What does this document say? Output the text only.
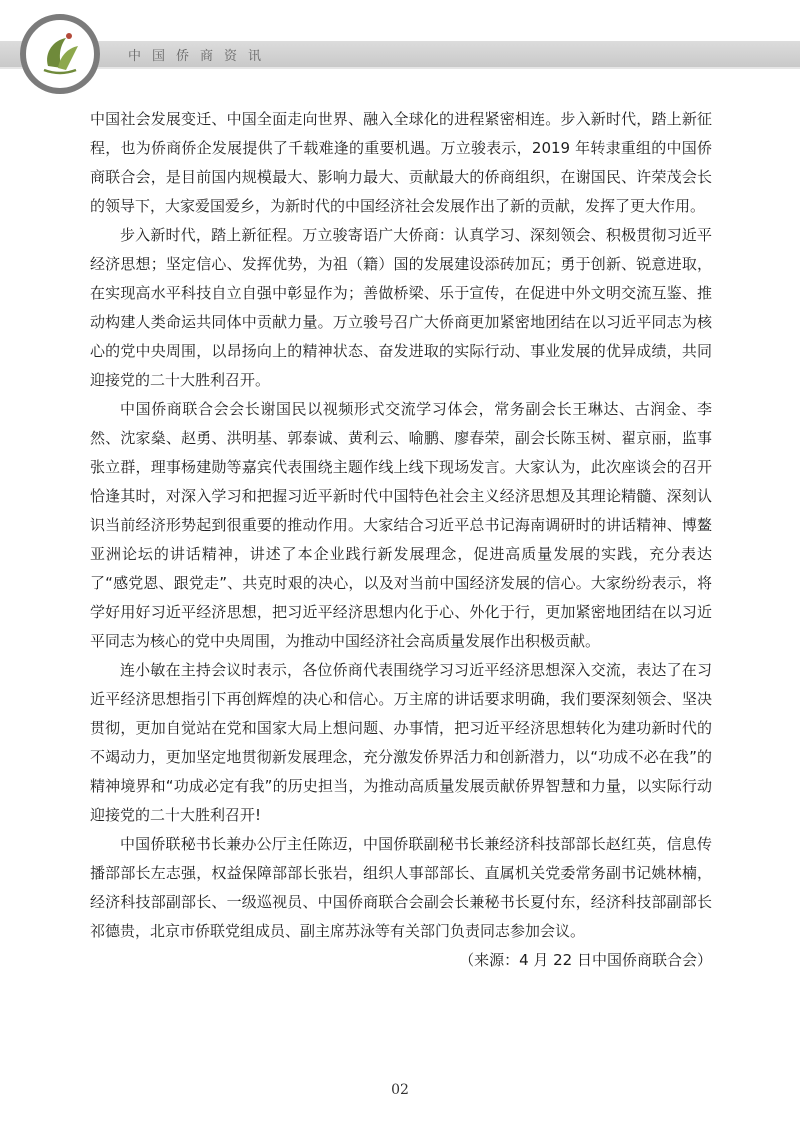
中国侨商资讯

中国社会发展变迁、中国全面走向世界、融入全球化的进程紧密相连。步入新时代，踏上新征程，也为侨商侨企发展提供了千载难逢的重要机遇。万立骏表示，2019 年转隶重组的中国侨商联合会，是目前国内规模最大、影响力最大、贡献最大的侨商组织，在谢国民、许荣茂会长的领导下，大家爱国爱乡，为新时代的中国经济社会发展作出了新的贡献，发挥了更大作用。

步入新时代，踏上新征程。万立骏寄语广大侨商：认真学习、深刻领会、积极贯彻习近平经济思想；坚定信心、发挥优势，为祖（籍）国的发展建设添砖加瓦；勇于创新、锐意进取，在实现高水平科技自立自强中彰显作为；善做桥梁、乐于宣传，在促进中外文明交流互鉴、推动构建人类命运共同体中贡献力量。万立骏号召广大侨商更加紧密地团结在以习近平同志为核心的党中央周围，以昂扬向上的精神状态、奋发进取的实际行动、事业发展的优异成绩，共同迎接党的二十大胜利召开。

中国侨商联合会会长谢国民以视频形式交流学习体会，常务副会长王琳达、古润金、李然、沈家燊、赵勇、洪明基、郭泰诚、黄利云、喻鹏、廖春荣，副会长陈玉树、翟京丽，监事张立群，理事杨建勋等嘉宾代表围绕主题作线上线下现场发言。大家认为，此次座谈会的召开恰逢其时，对深入学习和把握习近平新时代中国特色社会主义经济思想及其理论精髓、深刻认识当前经济形势起到很重要的推动作用。大家结合习近平总书记海南调研时的讲话精神、博鳌亚洲论坛的讲话精神，讲述了本企业践行新发展理念，促进高质量发展的实践，充分表达了“感党恩、跟党走”、共克时艰的决心，以及对当前中国经济发展的信心。大家纷纷表示，将学好用好习近平经济思想，把习近平经济思想内化于心、外化于行，更加紧密地团结在以习近平同志为核心的党中央周围，为推动中国经济社会高质量发展作出积极贡献。

连小敏在主持会议时表示，各位侨商代表围绕学习习近平经济思想深入交流，表达了在习近平经济思想指引下再创辉煌的决心和信心。万主席的讲话要求明确，我们要深刻领会、坚决贯彻，更加自觉站在党和国家大局上想问题、办事情，把习近平经济思想转化为建功新时代的不竭动力，更加坚定地贯彻新发展理念，充分激发侨界活力和创新潜力，以“功成不必在我”的精神境界和“功成必定有我”的历史担当，为推动高质量发展贡献侨界智慧和力量，以实际行动迎接党的二十大胜利召开!

中国侨联秘书长兼办公厅主任陈迈，中国侨联副秘书长兼经济科技部部长赵红英，信息传播部部长左志强，权益保障部部长张岩，组织人事部部长、直属机关党委常务副书记姚林楠，经济科技部副部长、一级巡视员、中国侨商联合会副会长兼秘书长夏付东，经济科技部副部长祁德贵，北京市侨联党组成员、副主席苏泳等有关部门负责同志参加会议。

（来源：4 月 22 日中国侨商联合会）

02
